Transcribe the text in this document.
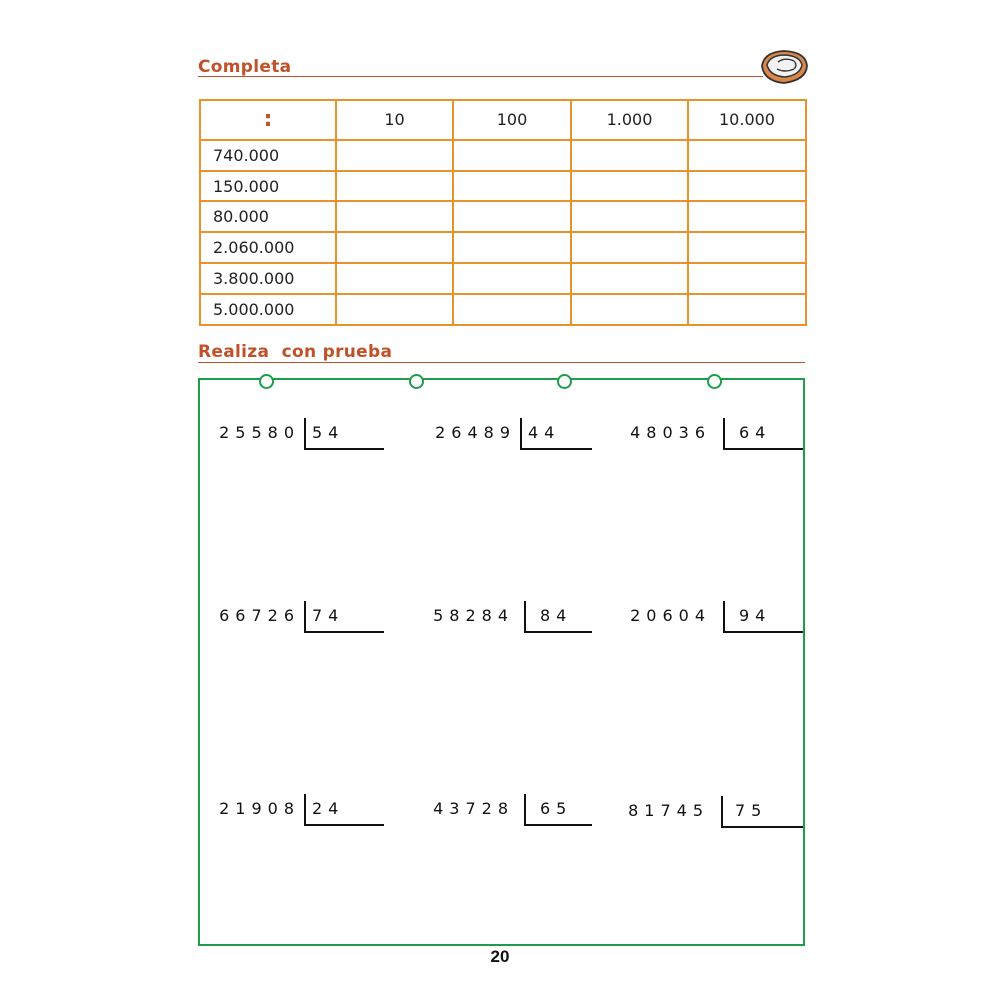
Completa
:	10	100	1.000	10.000
740.000				
150.000				
80.000				
2.060.000				
3.800.000				
5.000.000				
Realiza  con prueba
25580 54	26489 44	48036	64
66726 74	58284	84	20604	94
21908 24	43728	65	81745	75
20
